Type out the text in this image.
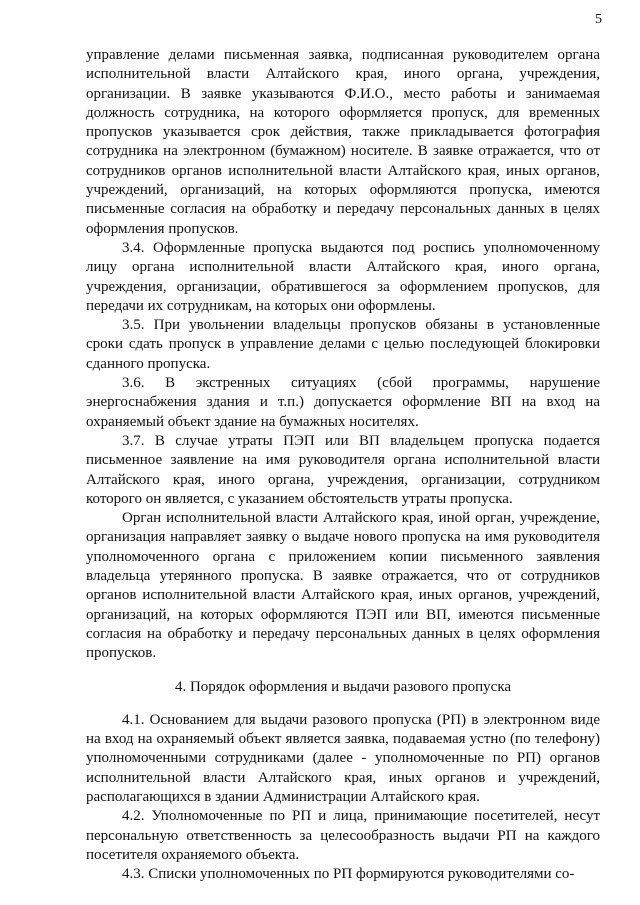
5

управление делами письменная заявка, подписанная руководителем органа исполнительной власти Алтайского края, иного органа, учреждения, организации. В заявке указываются Ф.И.О., место работы и занимаемая должность сотрудника, на которого оформляется пропуск, для временных пропусков указывается срок действия, также прикладывается фотография сотрудника на электронном (бумажном) носителе. В заявке отражается, что от сотрудников органов исполнительной власти Алтайского края, иных органов, учреждений, организаций, на которых оформляются пропуска, имеются письменные согласия на обработку и передачу персональных данных в целях оформления пропусков.

3.4. Оформленные пропуска выдаются под роспись уполномоченному лицу органа исполнительной власти Алтайского края, иного органа, учреждения, организации, обратившегося за оформлением пропусков, для передачи их сотрудникам, на которых они оформлены.

3.5. При увольнении владельцы пропусков обязаны в установленные сроки сдать пропуск в управление делами с целью последующей блокировки сданного пропуска.

3.6. В экстренных ситуациях (сбой программы, нарушение энергоснабжения здания и т.п.) допускается оформление ВП на вход на охраняемый объект здание на бумажных носителях.

3.7. В случае утраты ПЭП или ВП владельцем пропуска подается письменное заявление на имя руководителя органа исполнительной власти Алтайского края, иного органа, учреждения, организации, сотрудником которого он является, с указанием обстоятельств утраты пропуска.

Орган исполнительной власти Алтайского края, иной орган, учреждение, организация направляет заявку о выдаче нового пропуска на имя руководителя уполномоченного органа с приложением копии письменного заявления владельца утерянного пропуска. В заявке отражается, что от сотрудников органов исполнительной власти Алтайского края, иных органов, учреждений, организаций, на которых оформляются ПЭП или ВП, имеются письменные согласия на обработку и передачу персональных данных в целях оформления пропусков.

4. Порядок оформления и выдачи разового пропуска

4.1. Основанием для выдачи разового пропуска (РП) в электронном виде на вход на охраняемый объект является заявка, подаваемая устно (по телефону) уполномоченными сотрудниками (далее - уполномоченные по РП) органов исполнительной власти Алтайского края, иных органов и учреждений, располагающихся в здании Администрации Алтайского края.

4.2. Уполномоченные по РП и лица, принимающие посетителей, несут персональную ответственность за целесообразность выдачи РП на каждого посетителя охраняемого объекта.

4.3. Списки уполномоченных по РП формируются руководителями со-
